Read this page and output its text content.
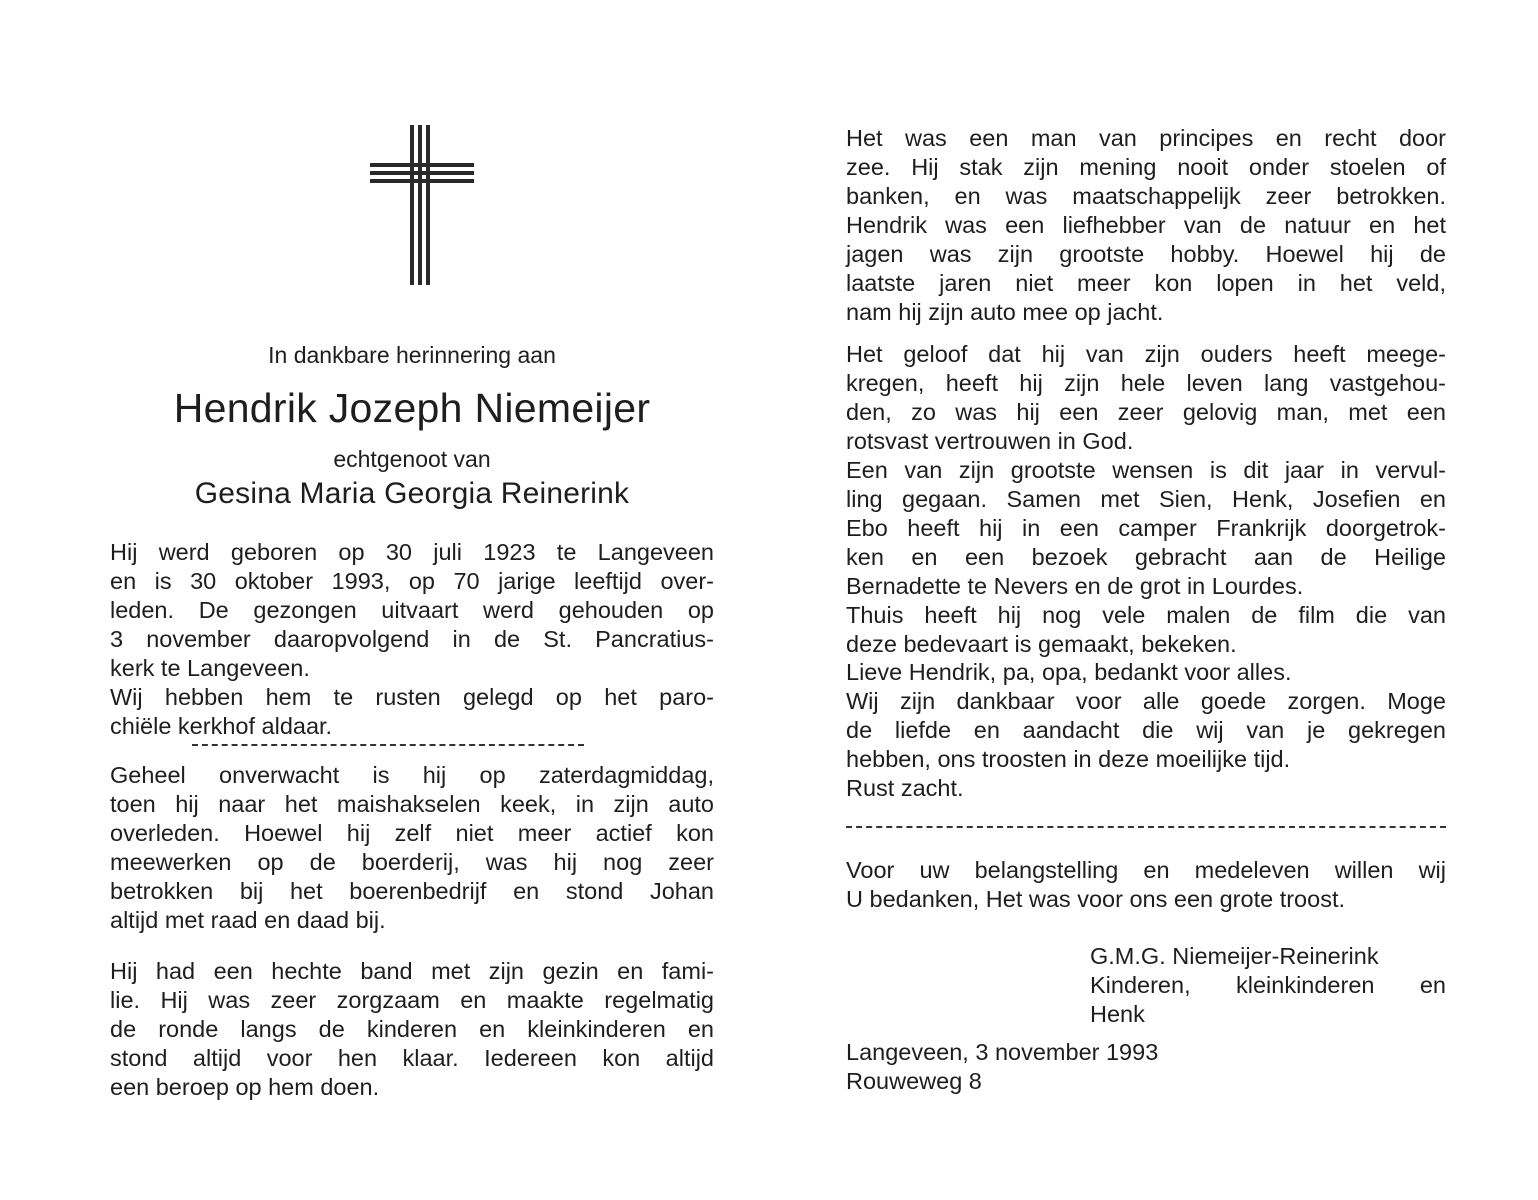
In dankbare herinnering aan
Hendrik Jozeph Niemeijer
echtgenoot van
Gesina Maria Georgia Reinerink

Hij werd geboren op 30 juli 1923 te Langeveen
en is 30 oktober 1993, op 70 jarige leeftijd over-
leden. De gezongen uitvaart werd gehouden op
3 november daaropvolgend in de St. Pancratius-
kerk te Langeveen.
Wij hebben hem te rusten gelegd op het paro-
chiële kerkhof aldaar.

Geheel onverwacht is hij op zaterdagmiddag,
toen hij naar het maishakselen keek, in zijn auto
overleden. Hoewel hij zelf niet meer actief kon
meewerken op de boerderij, was hij nog zeer
betrokken bij het boerenbedrijf en stond Johan
altijd met raad en daad bij.

Hij had een hechte band met zijn gezin en fami-
lie. Hij was zeer zorgzaam en maakte regelmatig
de ronde langs de kinderen en kleinkinderen en
stond altijd voor hen klaar. Iedereen kon altijd
een beroep op hem doen.

Het was een man van principes en recht door
zee. Hij stak zijn mening nooit onder stoelen of
banken, en was maatschappelijk zeer betrokken.
Hendrik was een liefhebber van de natuur en het
jagen was zijn grootste hobby. Hoewel hij de
laatste jaren niet meer kon lopen in het veld,
nam hij zijn auto mee op jacht.

Het geloof dat hij van zijn ouders heeft meege-
kregen, heeft hij zijn hele leven lang vastgehou-
den, zo was hij een zeer gelovig man, met een
rotsvast vertrouwen in God.
Een van zijn grootste wensen is dit jaar in vervul-
ling gegaan. Samen met Sien, Henk, Josefien en
Ebo heeft hij in een camper Frankrijk doorgetrok-
ken en een bezoek gebracht aan de Heilige
Bernadette te Nevers en de grot in Lourdes.
Thuis heeft hij nog vele malen de film die van
deze bedevaart is gemaakt, bekeken.

Lieve Hendrik, pa, opa, bedankt voor alles.
Wij zijn dankbaar voor alle goede zorgen. Moge
de liefde en aandacht die wij van je gekregen
hebben, ons troosten in deze moeilijke tijd.
Rust zacht.

Voor uw belangstelling en medeleven willen wij
U bedanken, Het was voor ons een grote troost.

G.M.G. Niemeijer-Reinerink
Kinderen, kleinkinderen en
Henk

Langeveen, 3 november 1993
Rouweweg 8
